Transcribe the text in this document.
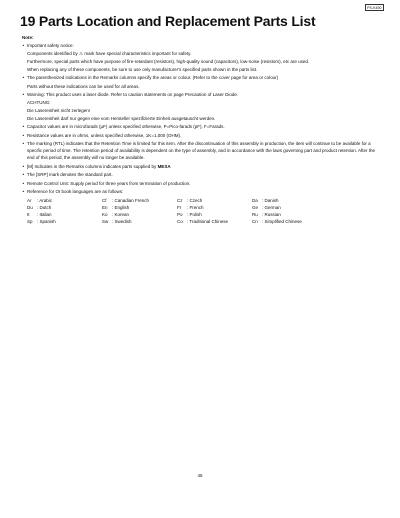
PS-K450
19 Parts Location and Replacement Parts List
Note:
• Important safety notice:
Components identified by ⚠ mark have special characteristics important for safety.
Furthermore, special parts which have purpose of fire-retardant (resistors), high-quality sound (capacitors), low-noise (resistors), etc are used.
When replacing any of these components, be sure to use only manufacturer's specified parts shown in the parts list.
• The parenthesized indications in the Remarks columns specify the areas or colour. (Refer to the cover page for area or colour)
Parts without these indications can be used for all areas.
• Warning: This product uses a laser diode. Refer to caution statements on page Precaution of Laser Diode.
ACHTUNG:
Die Lasereinheit nicht zerlegen!
Die Lasereinheit darf nur gegen eine vom Hersteller spezifizierte Einheit ausgetauscht werden.
• Capacitor values are in microfarads (μF) unless specified otherwise, P=Pico-farads (pF), F=Farads.
• Resistance values are in ohms, unless specified otherwise, 1K=1,000 (OHM).
• The marking (RTL) indicates that the Retention Time is limited for this item. After the discontinuation of this assembly in production, the item will continue to be available for a specific period of time. The retention period of availability is dependent on the type of assembly, and in accordance with the laws governing part and product retention. After the end of this period, the assembly will no longer be available.
• [M] Indicates in the Remarks columns indicates parts supplied by MESA
• The [SRP] mark denotes the standard part.
• Remote Control Unit: Supply period for three years from termination of production.
• Reference for OI book languages are as follows:
Ar : Arabic	Cf : Canadian French	Cz : Czech	Da : Danish
Du : Dutch	En : English	Fr : French	Ge : German
It : Italian	Ko : Korean	Po : Polish	Ru : Russian
Sp : Spanish	Sw : Swedish	Co : Traditional Chinese	Cn : Simplified Chinese
45
